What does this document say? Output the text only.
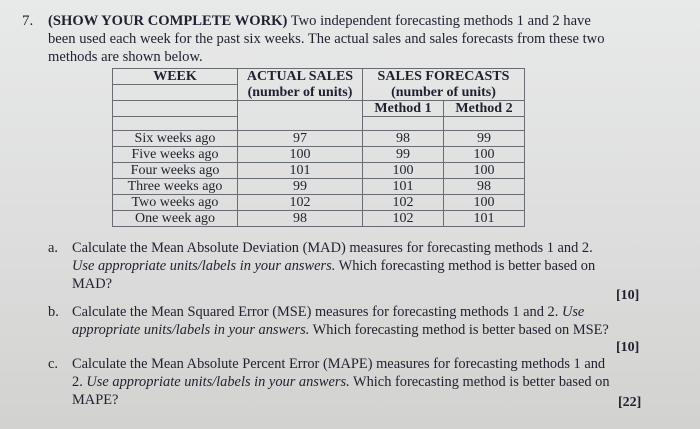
7. (SHOW YOUR COMPLETE WORK) Two independent forecasting methods 1 and 2 have
been used each week for the past six weeks. The actual sales and sales forecasts from these two
methods are shown below.
WEEK	ACTUAL SALES	SALES FORECASTS	
	(number of units)	(number of units)	
		Method 1	Method 2

Six weeks ago	97	98	99
Five weeks ago	100	99	100
Four weeks ago	101	100	100
Three weeks ago	99	101	98
Two weeks ago	102	102	100
One week ago	98	102	101
a. Calculate the Mean Absolute Deviation (MAD) measures for forecasting methods 1 and 2.
Use appropriate units/labels in your answers. Which forecasting method is better based on
MAD?
[10]
b. Calculate the Mean Squared Error (MSE) measures for forecasting methods 1 and 2. Use
appropriate units/labels in your answers. Which forecasting method is better based on MSE?
[10]
c. Calculate the Mean Absolute Percent Error (MAPE) measures for forecasting methods 1 and
2. Use appropriate units/labels in your answers. Which forecasting method is better based on
MAPE?	[22]
